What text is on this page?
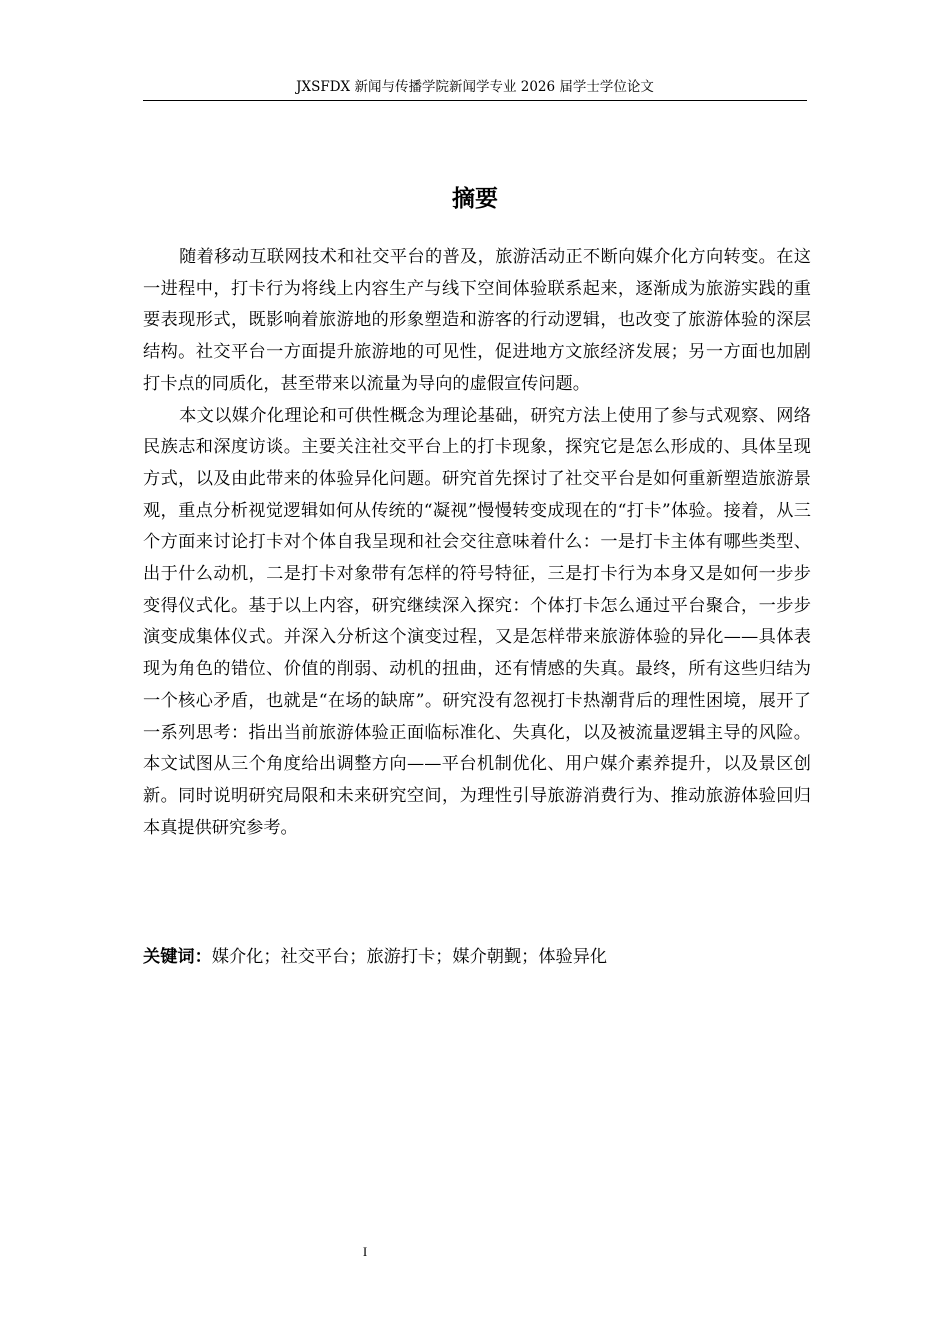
JXSFDX 新闻与传播学院新闻学专业 2026 届学士学位论文
摘要

随着移动互联网技术和社交平台的普及，旅游活动正不断向媒介化方向转变。在这一进程中，打卡行为将线上内容生产与线下空间体验联系起来，逐渐成为旅游实践的重要表现形式，既影响着旅游地的形象塑造和游客的行动逻辑，也改变了旅游体验的深层结构。社交平台一方面提升旅游地的可见性，促进地方文旅经济发展；另一方面也加剧打卡点的同质化，甚至带来以流量为导向的虚假宣传问题。

本文以媒介化理论和可供性概念为理论基础，研究方法上使用了参与式观察、网络民族志和深度访谈。主要关注社交平台上的打卡现象，探究它是怎么形成的、具体呈现方式，以及由此带来的体验异化问题。研究首先探讨了社交平台是如何重新塑造旅游景观，重点分析视觉逻辑如何从传统的“凝视”慢慢转变成现在的“打卡”体验。接着，从三个方面来讨论打卡对个体自我呈现和社会交往意味着什么：一是打卡主体有哪些类型、出于什么动机，二是打卡对象带有怎样的符号特征，三是打卡行为本身又是如何一步步变得仪式化。基于以上内容，研究继续深入探究：个体打卡怎么通过平台聚合，一步步演变成集体仪式。并深入分析这个演变过程，又是怎样带来旅游体验的异化——具体表现为角色的错位、价值的削弱、动机的扭曲，还有情感的失真。最终，所有这些归结为一个核心矛盾，也就是“在场的缺席”。研究没有忽视打卡热潮背后的理性困境，展开了一系列思考：指出当前旅游体验正面临标准化、失真化，以及被流量逻辑主导的风险。本文试图从三个角度给出调整方向——平台机制优化、用户媒介素养提升，以及景区创新。同时说明研究局限和未来研究空间，为理性引导旅游消费行为、推动旅游体验回归本真提供研究参考。

关键词：媒介化；社交平台；旅游打卡；媒介朝觐；体验异化
I
